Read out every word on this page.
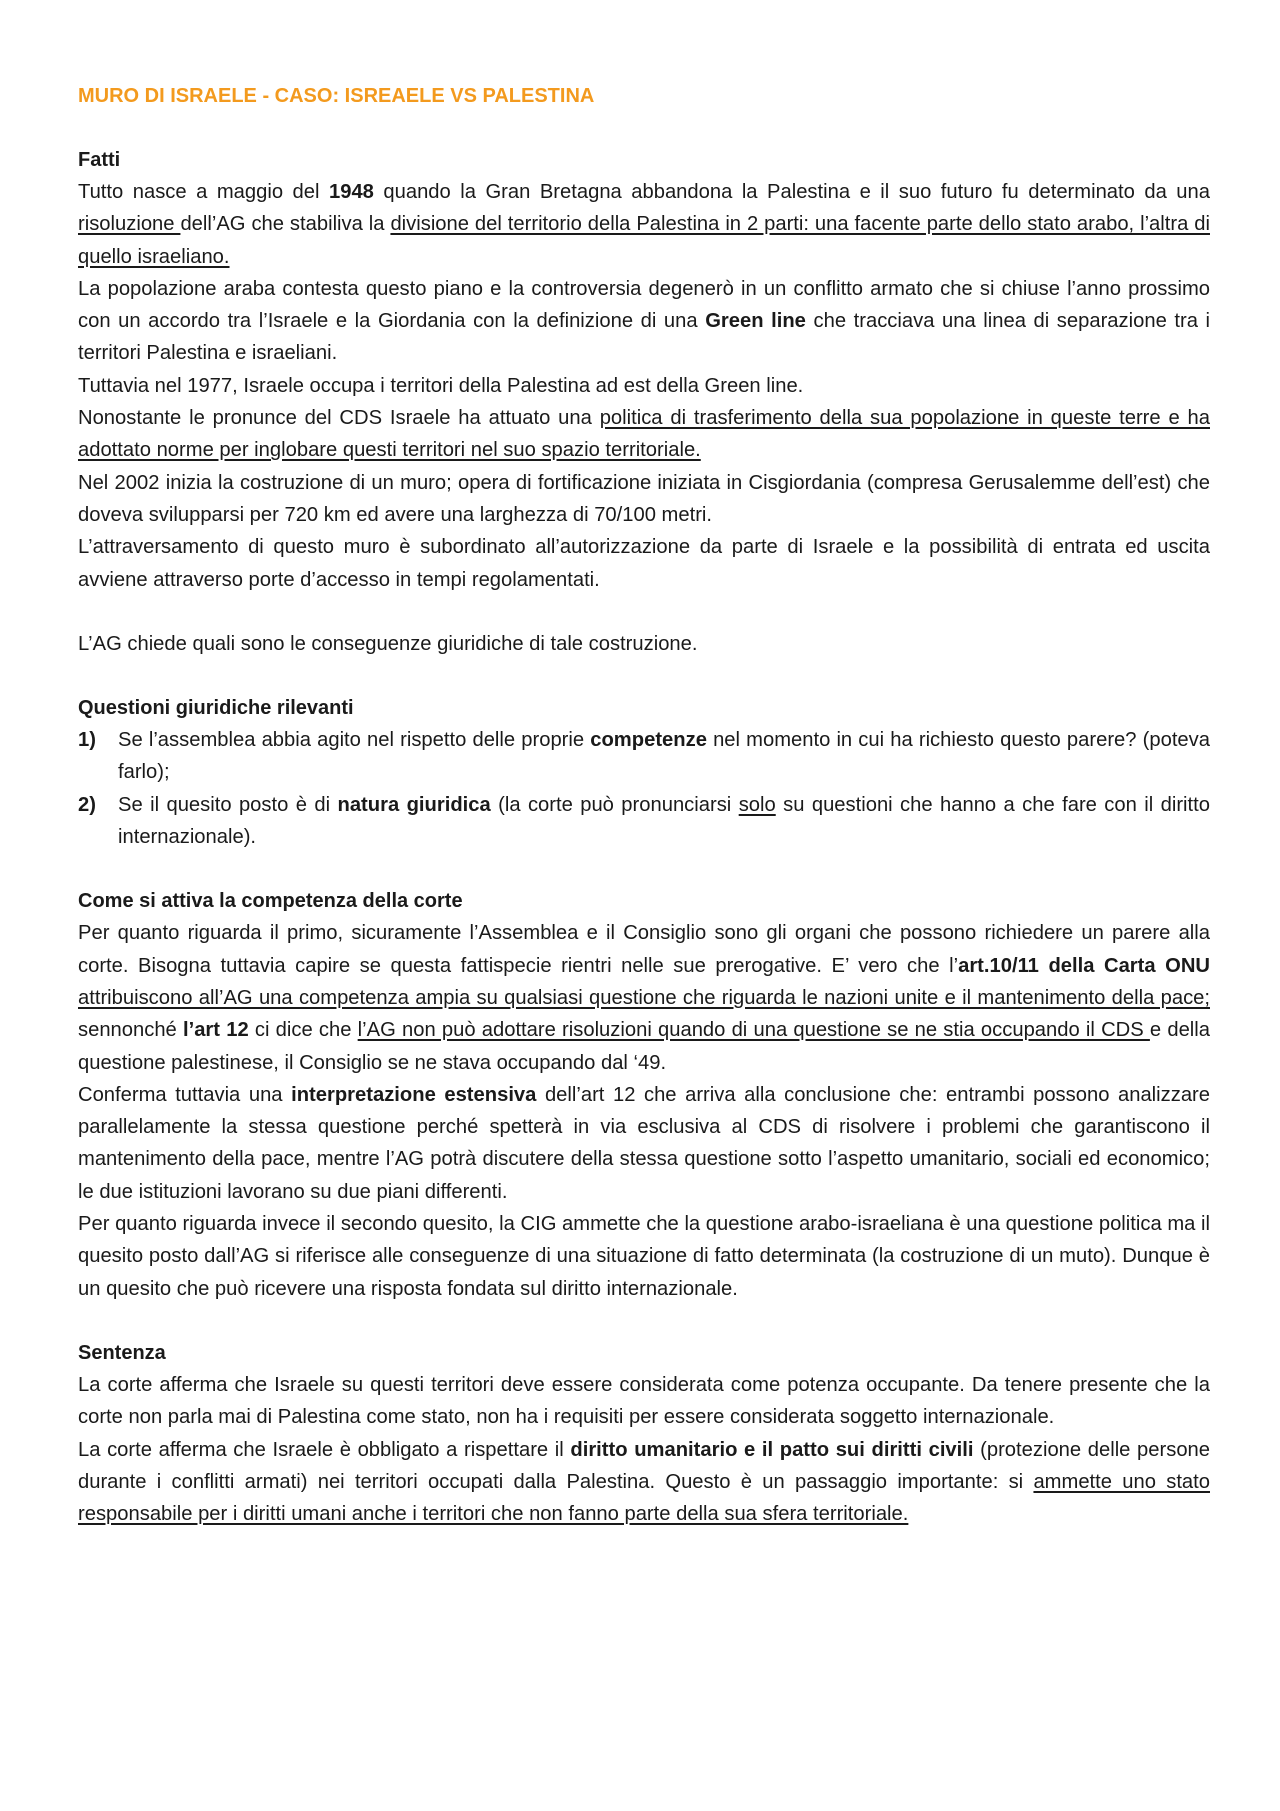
MURO DI ISRAELE - CASO: ISREAELE VS PALESTINA
Fatti

Tutto nasce a maggio del 1948 quando la Gran Bretagna abbandona la Palestina e il suo futuro fu determinato da una risoluzione dell’AG che stabiliva la divisione del territorio della Palestina in 2 parti: una facente parte dello stato arabo, l’altra di quello israeliano.

La popolazione araba contesta questo piano e la controversia degenerò in un conflitto armato che si chiuse l’anno prossimo con un accordo tra l’Israele e la Giordania con la definizione di una Green line che tracciava una linea di separazione tra i territori Palestina e israeliani.

Tuttavia nel 1977, Israele occupa i territori della Palestina ad est della Green line.

Nonostante le pronunce del CDS Israele ha attuato una politica di trasferimento della sua popolazione in queste terre e ha adottato norme per inglobare questi territori nel suo spazio territoriale.

Nel 2002 inizia la costruzione di un muro; opera di fortificazione iniziata in Cisgiordania (compresa Gerusalemme dell’est) che doveva svilupparsi per 720 km ed avere una larghezza di 70/100 metri.

L’attraversamento di questo muro è subordinato all’autorizzazione da parte di Israele e la possibilità di entrata ed uscita avviene attraverso porte d’accesso in tempi regolamentati.

L’AG chiede quali sono le conseguenze giuridiche di tale costruzione.

Questioni giuridiche rilevanti
1) Se l’assemblea abbia agito nel rispetto delle proprie competenze nel momento in cui ha richiesto questo parere? (poteva farlo);
2) Se il quesito posto è di natura giuridica (la corte può pronunciarsi solo su questioni che hanno a che fare con il diritto internazionale).
Come si attiva la competenza della corte

Per quanto riguarda il primo, sicuramente l’Assemblea e il Consiglio sono gli organi che possono richiedere un parere alla corte. Bisogna tuttavia capire se questa fattispecie rientri nelle sue prerogative. E’ vero che l’art.10/11 della Carta ONU attribuiscono all’AG una competenza ampia su qualsiasi questione che riguarda le nazioni unite e il mantenimento della pace; sennonché l’art 12 ci dice che l’AG non può adottare risoluzioni quando di una questione se ne stia occupando il CDS e della questione palestinese, il Consiglio se ne stava occupando dal ‘49.

Conferma tuttavia una interpretazione estensiva dell’art 12 che arriva alla conclusione che: entrambi possono analizzare parallelamente la stessa questione perché spetterà in via esclusiva al CDS di risolvere i problemi che garantiscono il mantenimento della pace, mentre l’AG potrà discutere della stessa questione sotto l’aspetto umanitario, sociali ed economico; le due istituzioni lavorano su due piani differenti.

Per quanto riguarda invece il secondo quesito, la CIG ammette che la questione arabo-israeliana è una questione politica ma il quesito posto dall’AG si riferisce alle conseguenze di una situazione di fatto determinata (la costruzione di un muto). Dunque è un quesito che può ricevere una risposta fondata sul diritto internazionale.

Sentenza

La corte afferma che Israele su questi territori deve essere considerata come potenza occupante. Da tenere presente che la corte non parla mai di Palestina come stato, non ha i requisiti per essere considerata soggetto internazionale.

La corte afferma che Israele è obbligato a rispettare il diritto umanitario e il patto sui diritti civili (protezione delle persone durante i conflitti armati) nei territori occupati dalla Palestina. Questo è un passaggio importante: si ammette uno stato responsabile per i diritti umani anche i territori che non fanno parte della sua sfera territoriale.
